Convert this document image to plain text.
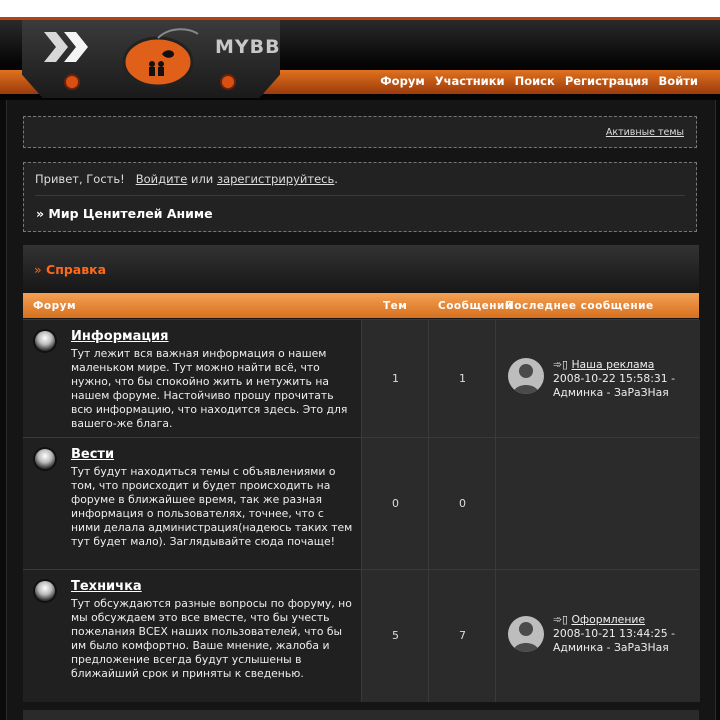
MYBB
Форум Участники Поиск Регистрация Войти
Активные темы
Привет, Гость! Войдите или зарегистрируйтесь.
» Мир Ценителей Аниме
» Справка
Форум	Тем	Сообщений
Последнее сообщение
Информация
Тут лежит вся важная информация о нашем маленьком мире. Тут можно найти всё, что нужно, что бы спокойно жить и нетужить на нашем форуме. Настойчиво прошу прочитать всю информацию, что находится здесь. Это для вашего-же блага.
1	1
➾▯ Наша реклама
2008-10-22 15:58:31 -
Админка - ЗаРаЗНая
Вести
Тут будут находиться темы с объявлениями о том, что происходит и будет происходить на форуме в ближайшее время, так же разная информация о пользователях, точнее, что с ними делала администрация(надеюсь таких тем тут будет мало). Заглядывайте сюда почаще!
0	0
Техничка
Тут обсуждаются разные вопросы по форуму, но мы обсуждаем это все вместе, что бы учесть пожелания ВСЕХ наших пользователей, что бы им было комфортно. Ваше мнение, жалоба и предложение всегда будут услышены в ближайший срок и приняты к сведенью.
5	7
➾▯ Оформление
2008-10-21 13:44:25 -
Админка - ЗаРаЗНая
